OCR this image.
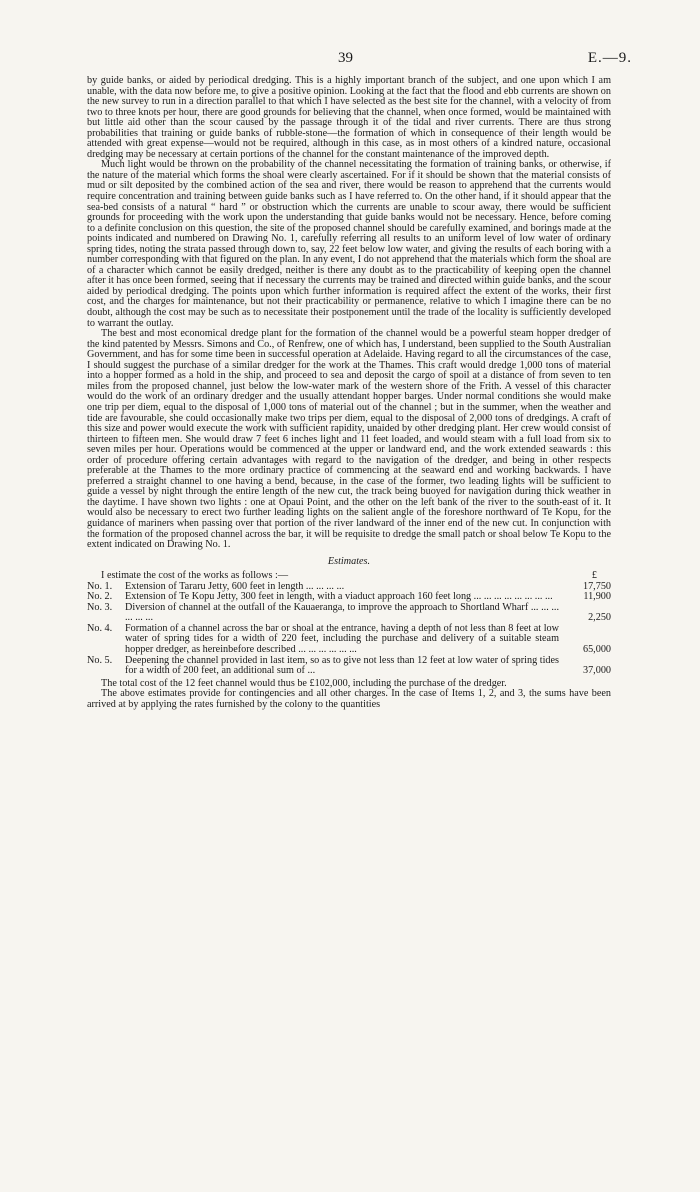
39	E.—9.

by guide banks, or aided by periodical dredging. This is a highly important branch of the subject, and one upon which I am unable, with the data now before me, to give a positive opinion. Looking at the fact that the flood and ebb currents are shown on the new survey to run in a direction parallel to that which I have selected as the best site for the channel, with a velocity of from two to three knots per hour, there are good grounds for believing that the channel, when once formed, would be maintained with but little aid other than the scour caused by the passage through it of the tidal and river currents. There are thus strong probabilities that training or guide banks of rubble-stone—the formation of which in consequence of their length would be attended with great expense—would not be required, although in this case, as in most others of a kindred nature, occasional dredging may be necessary at certain portions of the channel for the constant maintenance of the improved depth.

Much light would be thrown on the probability of the channel necessitating the formation of training banks, or otherwise, if the nature of the material which forms the shoal were clearly ascertained. For if it should be shown that the material consists of mud or silt deposited by the combined action of the sea and river, there would be reason to apprehend that the currents would require concentration and training between guide banks such as I have referred to. On the other hand, if it should appear that the sea-bed consists of a natural “ hard ” or obstruction which the currents are unable to scour away, there would be sufficient grounds for proceeding with the work upon the understanding that guide banks would not be necessary. Hence, before coming to a definite conclusion on this question, the site of the proposed channel should be carefully examined, and borings made at the points indicated and numbered on Drawing No. 1, carefully referring all results to an uniform level of low water of ordinary spring tides, noting the strata passed through down to, say, 22 feet below low water, and giving the results of each boring with a number corresponding with that figured on the plan. In any event, I do not apprehend that the materials which form the shoal are of a character which cannot be easily dredged, neither is there any doubt as to the practicability of keeping open the channel after it has once been formed, seeing that if necessary the currents may be trained and directed within guide banks, and the scour aided by periodical dredging. The points upon which further information is required affect the extent of the works, their first cost, and the charges for maintenance, but not their practicability or permanence, relative to which I imagine there can be no doubt, although the cost may be such as to necessitate their postponement until the trade of the locality is sufficiently developed to warrant the outlay.

The best and most economical dredge plant for the formation of the channel would be a powerful steam hopper dredger of the kind patented by Messrs. Simons and Co., of Renfrew, one of which has, I understand, been supplied to the South Australian Government, and has for some time been in successful operation at Adelaide. Having regard to all the circumstances of the case, I should suggest the purchase of a similar dredger for the work at the Thames. This craft would dredge 1,000 tons of material into a hopper formed as a hold in the ship, and proceed to sea and deposit the cargo of spoil at a distance of from seven to ten miles from the proposed channel, just below the low-water mark of the western shore of the Frith. A vessel of this character would do the work of an ordinary dredger and the usually attendant hopper barges. Under normal conditions she would make one trip per diem, equal to the disposal of 1,000 tons of material out of the channel ; but in the summer, when the weather and tide are favourable, she could occasionally make two trips per diem, equal to the disposal of 2,000 tons of dredgings. A craft of this size and power would execute the work with sufficient rapidity, unaided by other dredging plant. Her crew would consist of thirteen to fifteen men. She would draw 7 feet 6 inches light and 11 feet loaded, and would steam with a full load from six to seven miles per hour. Operations would be commenced at the upper or landward end, and the work extended seawards : this order of procedure offering certain advantages with regard to the navigation of the dredger, and being in other respects preferable at the Thames to the more ordinary practice of commencing at the seaward end and working backwards. I have preferred a straight channel to one having a bend, because, in the case of the former, two leading lights will be sufficient to guide a vessel by night through the entire length of the new cut, the track being buoyed for navigation during thick weather in the daytime. I have shown two lights : one at Opaui Point, and the other on the left bank of the river to the south-east of it. It would also be necessary to erect two further leading lights on the salient angle of the foreshore northward of Te Kopu, for the guidance of mariners when passing over that portion of the river landward of the inner end of the new cut. In conjunction with the formation of the proposed channel across the bar, it will be requisite to dredge the small patch or shoal below Te Kopu to the extent indicated on Drawing No. 1.

Estimates.

I estimate the cost of the works as follows :—	£
No. 1. Extension of Tararu Jetty, 600 feet in length ... ... ... ...	17,750
No. 2. Extension of Te Kopu Jetty, 300 feet in length, with a viaduct approach 160 feet long ... ... ... ... ... ... ... ...	11,900
No. 3. Diversion of channel at the outfall of the Kauaeranga, to improve the approach to Shortland Wharf ... ... ... ... ... ...	2,250
No. 4. Formation of a channel across the bar or shoal at the entrance, having a depth of not less than 8 feet at low water of spring tides for a width of 220 feet, including the purchase and delivery of a suitable steam hopper dredger, as hereinbefore described ... ... ... ... ... ...	65,000
No. 5. Deepening the channel provided in last item, so as to give not less than 12 feet at low water of spring tides for a width of 200 feet, an additional sum of ...	37,000

The total cost of the 12 feet channel would thus be £102,000, including the purchase of the dredger.

The above estimates provide for contingencies and all other charges. In the case of Items 1, 2, and 3, the sums have been arrived at by applying the rates furnished by the colony to the quantities
